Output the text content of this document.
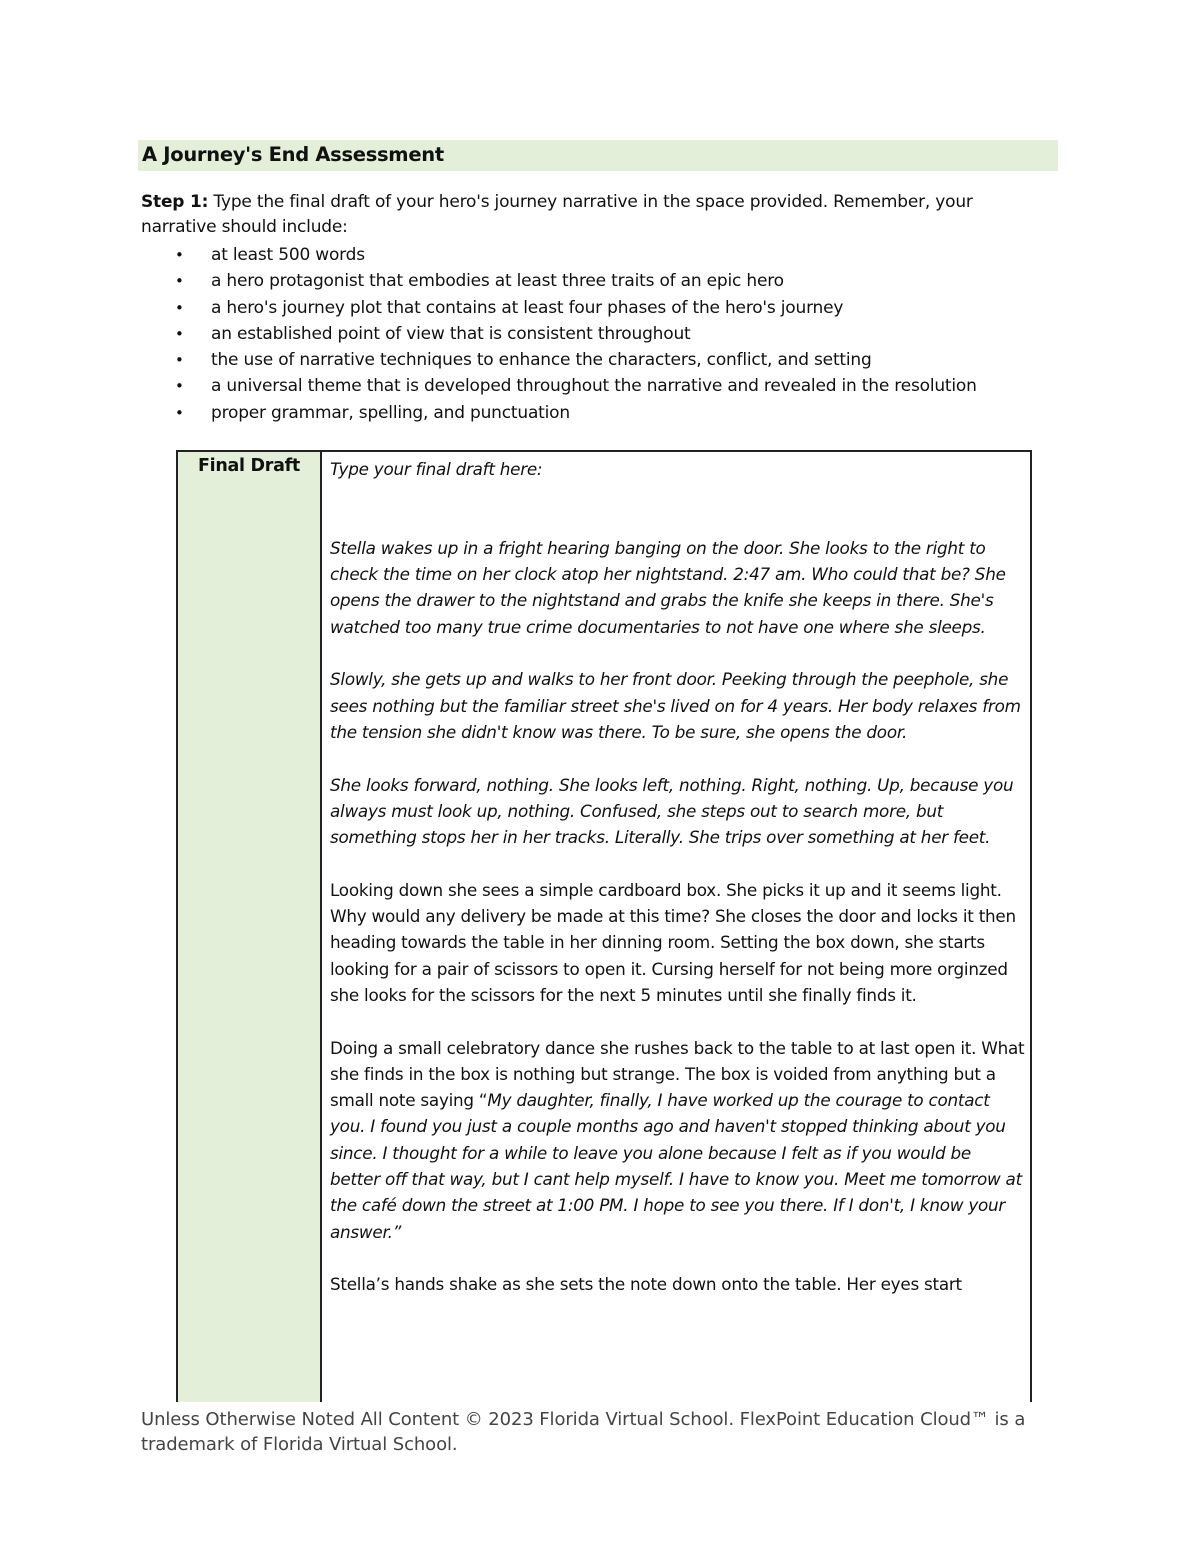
A Journey's End Assessment
Step 1: Type the final draft of your hero's journey narrative in the space provided. Remember, your narrative should include:
• at least 500 words
• a hero protagonist that embodies at least three traits of an epic hero
• a hero's journey plot that contains at least four phases of the hero's journey
• an established point of view that is consistent throughout
• the use of narrative techniques to enhance the characters, conflict, and setting
• a universal theme that is developed throughout the narrative and revealed in the resolution
• proper grammar, spelling, and punctuation
Final Draft	Type your final draft here:

Stella wakes up in a fright hearing banging on the door. She looks to the right to check the time on her clock atop her nightstand. 2:47 am. Who could that be? She opens the drawer to the nightstand and grabs the knife she keeps in there. She's watched too many true crime documentaries to not have one where she sleeps.

Slowly, she gets up and walks to her front door. Peeking through the peephole, she sees nothing but the familiar street she's lived on for 4 years. Her body relaxes from the tension she didn't know was there. To be sure, she opens the door.

She looks forward, nothing. She looks left, nothing. Right, nothing. Up, because you always must look up, nothing. Confused, she steps out to search more, but something stops her in her tracks. Literally. She trips over something at her feet.

Looking down she sees a simple cardboard box. She picks it up and it seems light. Why would any delivery be made at this time? She closes the door and locks it then heading towards the table in her dinning room. Setting the box down, she starts looking for a pair of scissors to open it. Cursing herself for not being more orginzed she looks for the scissors for the next 5 minutes until she finally finds it.

Doing a small celebratory dance she rushes back to the table to at last open it. What she finds in the box is nothing but strange. The box is voided from anything but a small note saying “My daughter, finally, I have worked up the courage to contact you. I found you just a couple months ago and haven't stopped thinking about you since. I thought for a while to leave you alone because I felt as if you would be better off that way, but I cant help myself. I have to know you. Meet me tomorrow at the café down the street at 1:00 PM. I hope to see you there. If I don't, I know your answer.”

Stella’s hands shake as she sets the note down onto the table. Her eyes start

Unless Otherwise Noted All Content © 2023 Florida Virtual School. FlexPoint Education Cloud™ is a trademark of Florida Virtual School.
